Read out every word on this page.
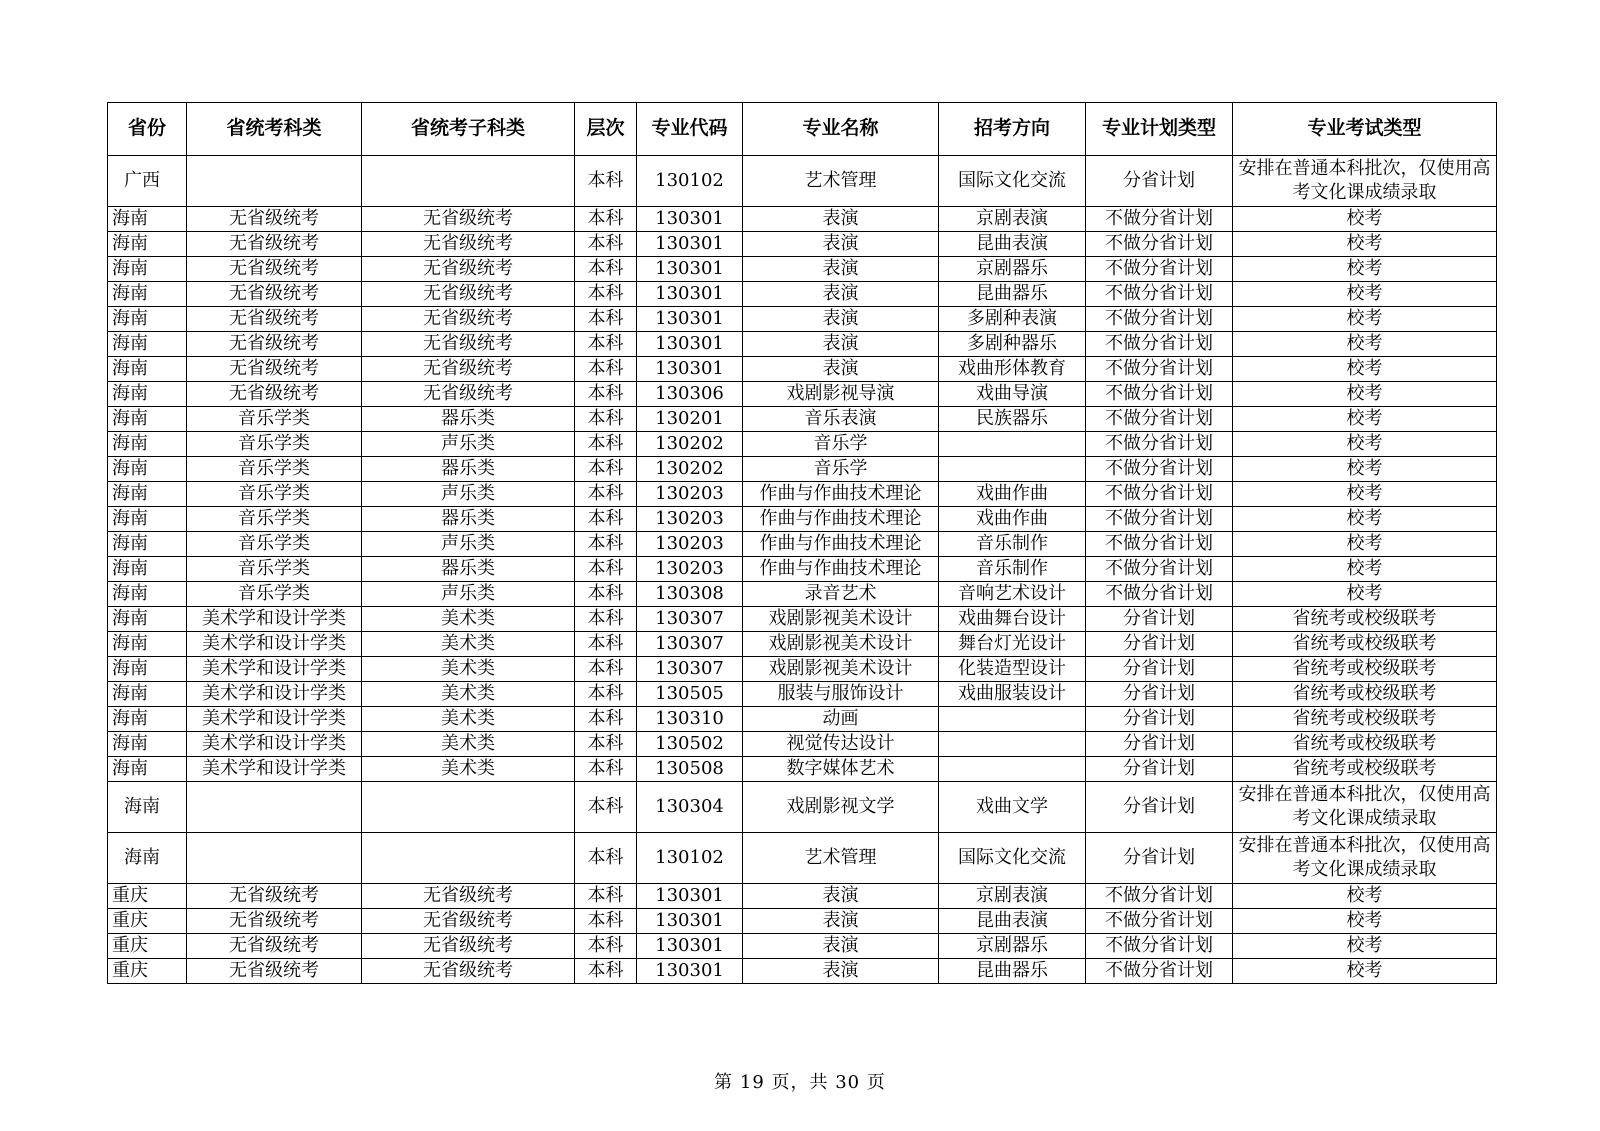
省份	省统考科类	省统考子科类	层次	专业代码	专业名称	招考方向	专业计划类型	专业考试类型
广西			本科	130102	艺术管理	国际文化交流	分省计划	安排在普通本科批次，仅使用高考文化课成绩录取
海南	无省级统考	无省级统考	本科	130301	表演	京剧表演	不做分省计划	校考
海南	无省级统考	无省级统考	本科	130301	表演	昆曲表演	不做分省计划	校考
海南	无省级统考	无省级统考	本科	130301	表演	京剧器乐	不做分省计划	校考
海南	无省级统考	无省级统考	本科	130301	表演	昆曲器乐	不做分省计划	校考
海南	无省级统考	无省级统考	本科	130301	表演	多剧种表演	不做分省计划	校考
海南	无省级统考	无省级统考	本科	130301	表演	多剧种器乐	不做分省计划	校考
海南	无省级统考	无省级统考	本科	130301	表演	戏曲形体教育	不做分省计划	校考
海南	无省级统考	无省级统考	本科	130306	戏剧影视导演	戏曲导演	不做分省计划	校考
海南	音乐学类	器乐类	本科	130201	音乐表演	民族器乐	不做分省计划	校考
海南	音乐学类	声乐类	本科	130202	音乐学		不做分省计划	校考
海南	音乐学类	器乐类	本科	130202	音乐学		不做分省计划	校考
海南	音乐学类	声乐类	本科	130203	作曲与作曲技术理论	戏曲作曲	不做分省计划	校考
海南	音乐学类	器乐类	本科	130203	作曲与作曲技术理论	戏曲作曲	不做分省计划	校考
海南	音乐学类	声乐类	本科	130203	作曲与作曲技术理论	音乐制作	不做分省计划	校考
海南	音乐学类	器乐类	本科	130203	作曲与作曲技术理论	音乐制作	不做分省计划	校考
海南	音乐学类	声乐类	本科	130308	录音艺术	音响艺术设计	不做分省计划	校考
海南	美术学和设计学类	美术类	本科	130307	戏剧影视美术设计	戏曲舞台设计	分省计划	省统考或校级联考
海南	美术学和设计学类	美术类	本科	130307	戏剧影视美术设计	舞台灯光设计	分省计划	省统考或校级联考
海南	美术学和设计学类	美术类	本科	130307	戏剧影视美术设计	化装造型设计	分省计划	省统考或校级联考
海南	美术学和设计学类	美术类	本科	130505	服装与服饰设计	戏曲服装设计	分省计划	省统考或校级联考
海南	美术学和设计学类	美术类	本科	130310	动画		分省计划	省统考或校级联考
海南	美术学和设计学类	美术类	本科	130502	视觉传达设计		分省计划	省统考或校级联考
海南	美术学和设计学类	美术类	本科	130508	数字媒体艺术		分省计划	省统考或校级联考
海南			本科	130304	戏剧影视文学	戏曲文学	分省计划	安排在普通本科批次，仅使用高考文化课成绩录取
海南			本科	130102	艺术管理	国际文化交流	分省计划	安排在普通本科批次，仅使用高考文化课成绩录取
重庆	无省级统考	无省级统考	本科	130301	表演	京剧表演	不做分省计划	校考
重庆	无省级统考	无省级统考	本科	130301	表演	昆曲表演	不做分省计划	校考
重庆	无省级统考	无省级统考	本科	130301	表演	京剧器乐	不做分省计划	校考
重庆	无省级统考	无省级统考	本科	130301	表演	昆曲器乐	不做分省计划	校考
第 19 页，共 30 页
